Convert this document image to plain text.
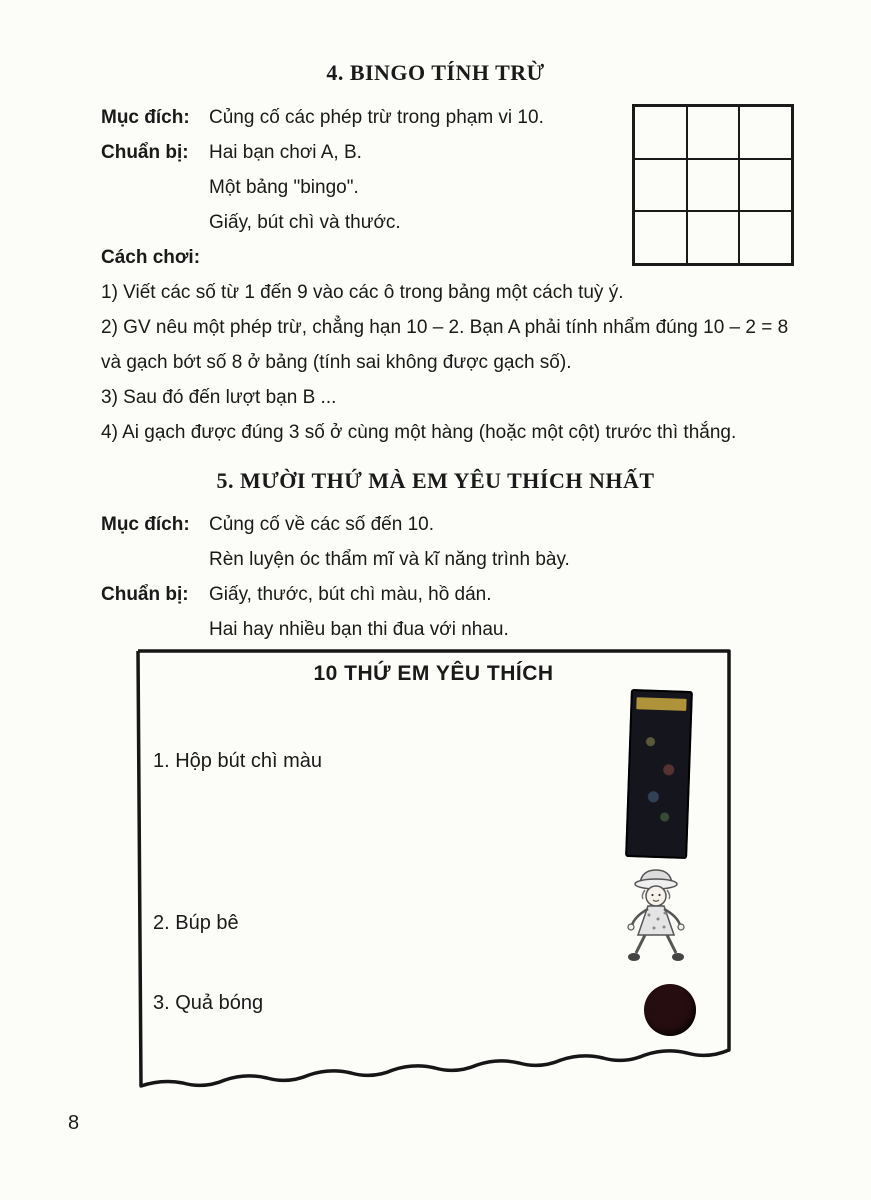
4. BINGO TÍNH TRỪ
Mục đích: Củng cố các phép trừ trong phạm vi 10.
Chuẩn bị: Hai bạn chơi A, B.
Một bảng "bingo".
Giấy, bút chì và thước.
Cách chơi:
1) Viết các số từ 1 đến 9 vào các ô trong bảng một cách tuỳ ý.
2) GV nêu một phép trừ, chẳng hạn 10 – 2. Bạn A phải tính nhẩm đúng 10 – 2 = 8 và gạch bớt số 8 ở bảng (tính sai không được gạch số).
3) Sau đó đến lượt bạn B ...
4) Ai gạch được đúng 3 số ở cùng một hàng (hoặc một cột) trước thì thắng.
5. MƯỜI THỨ MÀ EM YÊU THÍCH NHẤT
Mục đích: Củng cố về các số đến 10.
Rèn luyện óc thẩm mĩ và kĩ năng trình bày.
Chuẩn bị: Giấy, thước, bút chì màu, hồ dán.
Hai hay nhiều bạn thi đua với nhau.
10 THỨ EM YÊU THÍCH
1. Hộp bút chì màu
2. Búp bê
3. Quả bóng
8
